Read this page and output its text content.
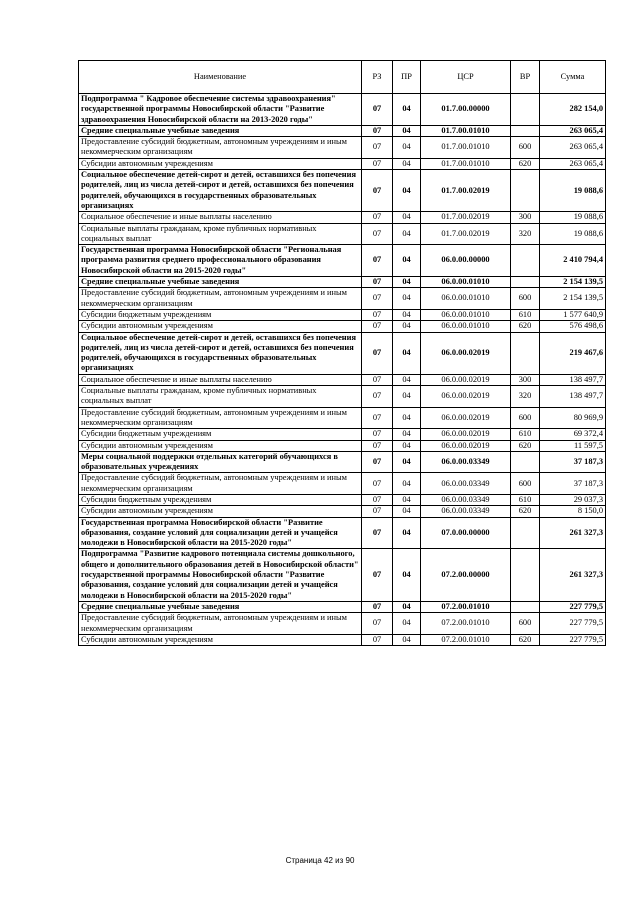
Наименование	РЗ	ПР	ЦСР	ВР	Сумма
Подпрограмма " Кадровое обеспечение системы здравоохранения" государственной программы Новосибирской области "Развитие здравоохранения Новосибирской области на 2013-2020 годы"	07	04	01.7.00.00000		282 154,0
Средние специальные учебные заведения	07	04	01.7.00.01010		263 065,4
Предоставление субсидий бюджетным, автономным учреждениям и иным некоммерческим организациям	07	04	01.7.00.01010	600	263 065,4
Субсидии автономным учреждениям	07	04	01.7.00.01010	620	263 065,4
Социальное обеспечение детей-сирот и детей, оставшихся без попечения родителей, лиц из числа детей-сирот и детей, оставшихся без попечения родителей, обучающихся в государственных образовательных организациях	07	04	01.7.00.02019		19 088,6
Социальное обеспечение и иные выплаты населению	07	04	01.7.00.02019	300	19 088,6
Социальные выплаты гражданам, кроме публичных нормативных социальных выплат	07	04	01.7.00.02019	320	19 088,6
Государственная программа Новосибирской области "Региональная программа развития среднего профессионального образования Новосибирской области на 2015-2020 годы"	07	04	06.0.00.00000		2 410 794,4
Средние специальные учебные заведения	07	04	06.0.00.01010		2 154 139,5
Предоставление субсидий бюджетным, автономным учреждениям и иным некоммерческим организациям	07	04	06.0.00.01010	600	2 154 139,5
Субсидии бюджетным учреждениям	07	04	06.0.00.01010	610	1 577 640,9
Субсидии автономным учреждениям	07	04	06.0.00.01010	620	576 498,6
Социальное обеспечение детей-сирот и детей, оставшихся без попечения родителей, лиц из числа детей-сирот и детей, оставшихся без попечения родителей, обучающихся в государственных образовательных организациях	07	04	06.0.00.02019		219 467,6
Социальное обеспечение и иные выплаты населению	07	04	06.0.00.02019	300	138 497,7
Социальные выплаты гражданам, кроме публичных нормативных социальных выплат	07	04	06.0.00.02019	320	138 497,7
Предоставление субсидий бюджетным, автономным учреждениям и иным некоммерческим организациям	07	04	06.0.00.02019	600	80 969,9
Субсидии бюджетным учреждениям	07	04	06.0.00.02019	610	69 372,4
Субсидии автономным учреждениям	07	04	06.0.00.02019	620	11 597,5
Меры социальной поддержки отдельных категорий обучающихся в образовательных учреждениях	07	04	06.0.00.03349		37 187,3
Предоставление субсидий бюджетным, автономным учреждениям и иным некоммерческим организациям	07	04	06.0.00.03349	600	37 187,3
Субсидии бюджетным учреждениям	07	04	06.0.00.03349	610	29 037,3
Субсидии автономным учреждениям	07	04	06.0.00.03349	620	8 150,0
Государственная программа Новосибирской области "Развитие образования, создание условий для социализации детей и учащейся молодежи в Новосибирской области на 2015-2020 годы"	07	04	07.0.00.00000		261 327,3
Подпрограмма "Развитие кадрового потенциала системы дошкольного, общего и дополнительного образования детей в Новосибирской области" государственной программы Новосибирской области "Развитие образования, создание условий для социализации детей и учащейся молодежи в Новосибирской области на 2015-2020 годы"	07	04	07.2.00.00000		261 327,3
Средние специальные учебные заведения	07	04	07.2.00.01010		227 779,5
Предоставление субсидий бюджетным, автономным учреждениям и иным некоммерческим организациям	07	04	07.2.00.01010	600	227 779,5
Субсидии автономным учреждениям	07	04	07.2.00.01010	620	227 779,5
Страница 42 из 90
